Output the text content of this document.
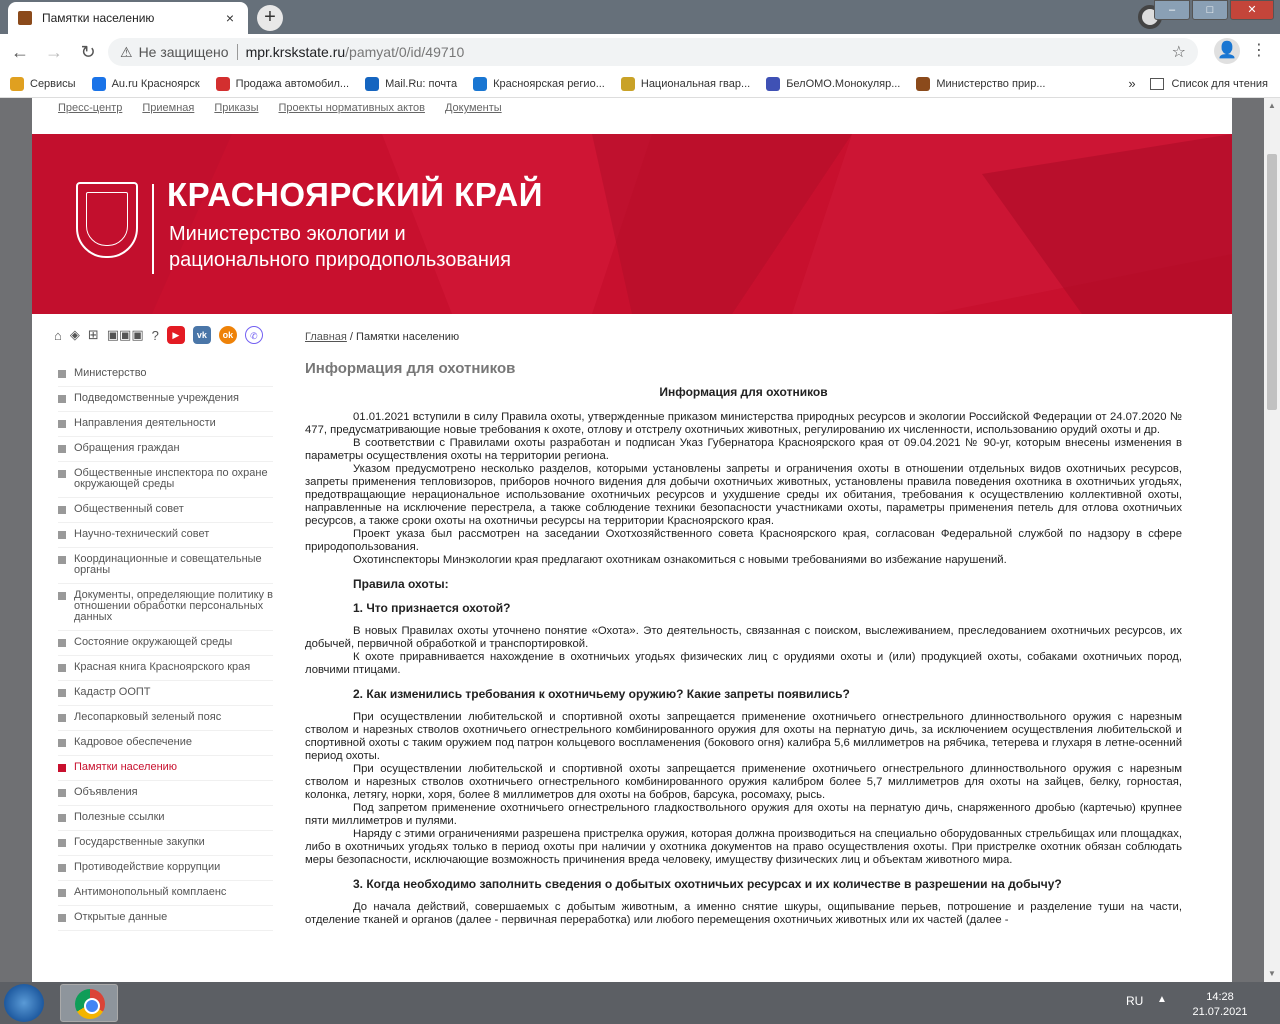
Памятки населению	×	+	–	□	✕
← → ↻	⚠ Не защищено mpr.krskstate.ru /pamyat/0/id/49710	☆ 👤 ⋮
Сервисы	Au.ru Красноярск	Продажа автомобил...	Mail.Ru: почта	Красноярская регио...	Национальная гвар...	БелОМО.Монокуляр...	Министерство прир...	»	Список для чтения
Пресс-центр Приемная Приказы Проекты нормативных актов Документы
КРАСНОЯРСКИЙ КРАЙ
Министерство экологии и
рационального природопользования
⌂ ◈ ⊞ ▣▣▣ ?	▶	vk	ok	✆
Министерство
Подведомственные учреждения
Направления деятельности
Обращения граждан
Общественные инспектора по охране окружающей среды
Общественный совет
Научно-технический совет
Координационные и совещательные органы
Документы, определяющие политику в отношении обработки персональных данных
Состояние окружающей среды
Красная книга Красноярского края
Кадастр ООПТ
Лесопарковый зеленый пояс
Кадровое обеспечение
Памятки населению
Объявления
Полезные ссылки
Государственные закупки
Противодействие коррупции
Антимонопольный комплаенс
Открытые данные
Главная / Памятки населению
Информация для охотников
Информация для охотников

01.01.2021 вступили в силу Правила охоты, утвержденные приказом министерства природных ресурсов и экологии Российской Федерации от 24.07.2020 № 477, предусматривающие новые требования к охоте, отлову и отстрелу охотничьих животных, регулированию их численности, использованию орудий охоты и др.

В соответствии с Правилами охоты разработан и подписан Указ Губернатора Красноярского края от 09.04.2021 № 90-уг, которым внесены изменения в параметры осуществления охоты на территории региона.

Указом предусмотрено несколько разделов, которыми установлены запреты и ограничения охоты в отношении отдельных видов охотничьих ресурсов, запреты применения тепловизоров, приборов ночного видения для добычи охотничьих животных, установлены правила поведения охотника в охотничьих угодьях, предотвращающие нерациональное использование охотничьих ресурсов и ухудшение среды их обитания, требования к осуществлению коллективной охоты, направленные на исключение перестрела, а также соблюдение техники безопасности участниками охоты, параметры применения петель для отлова охотничьих ресурсов, а также сроки охоты на охотничьи ресурсы на территории Красноярского края.

Проект указа был рассмотрен на заседании Охотхозяйственного совета Красноярского края, согласован Федеральной службой по надзору в сфере природопользования.

Охотинспекторы Минэкологии края предлагают охотникам ознакомиться с новыми требованиями во избежание нарушений.

Правила охоты:
1. Что признается охотой?

В новых Правилах охоты уточнено понятие «Охота». Это деятельность, связанная с поиском, выслеживанием, преследованием охотничьих ресурсов, их добычей, первичной обработкой и транспортировкой.

К охоте приравнивается нахождение в охотничьих угодьях физических лиц с орудиями охоты и (или) продукцией охоты, собаками охотничьих пород, ловчими птицами.

2. Как изменились требования к охотничьему оружию? Какие запреты появились?

При осуществлении любительской и спортивной охоты запрещается применение охотничьего огнестрельного длинноствольного оружия с нарезным стволом и нарезных стволов охотничьего огнестрельного комбинированного оружия для охоты на пернатую дичь, за исключением осуществления любительской и спортивной охоты с таким оружием под патрон кольцевого воспламенения (бокового огня) калибра 5,6 миллиметров на рябчика, тетерева и глухаря в летне-осенний период охоты.

При осуществлении любительской и спортивной охоты запрещается применение охотничьего огнестрельного длинноствольного оружия с нарезным стволом и нарезных стволов охотничьего огнестрельного комбинированного оружия калибром более 5,7 миллиметров для охоты на зайцев, белку, горностая, колонка, летягу, норки, хоря, более 8 миллиметров для охоты на бобров, барсука, росомаху, рысь.

Под запретом применение охотничьего огнестрельного гладкоствольного оружия для охоты на пернатую дичь, снаряженного дробью (картечью) крупнее пяти миллиметров и пулями.

Наряду с этими ограничениями разрешена пристрелка оружия, которая должна производиться на специально оборудованных стрельбищах или площадках, либо в охотничьих угодьях только в период охоты при наличии у охотника документов на право осуществления охоты. При пристрелке охотник обязан соблюдать меры безопасности, исключающие возможность причинения вреда человеку, имуществу физических лиц и объектам животного мира.

3. Когда необходимо заполнить сведения о добытых охотничьих ресурсах и их количестве в разрешении на добычу?

До начала действий, совершаемых с добытым животным, а именно снятие шкуры, ощипывание перьев, потрошение и разделение туши на части, отделение тканей и органов (далее - первичная переработка) или любого перемещения охотничьих животных или их частей (далее -

▲
▼
RU ▲	14:28
21.07.2021
